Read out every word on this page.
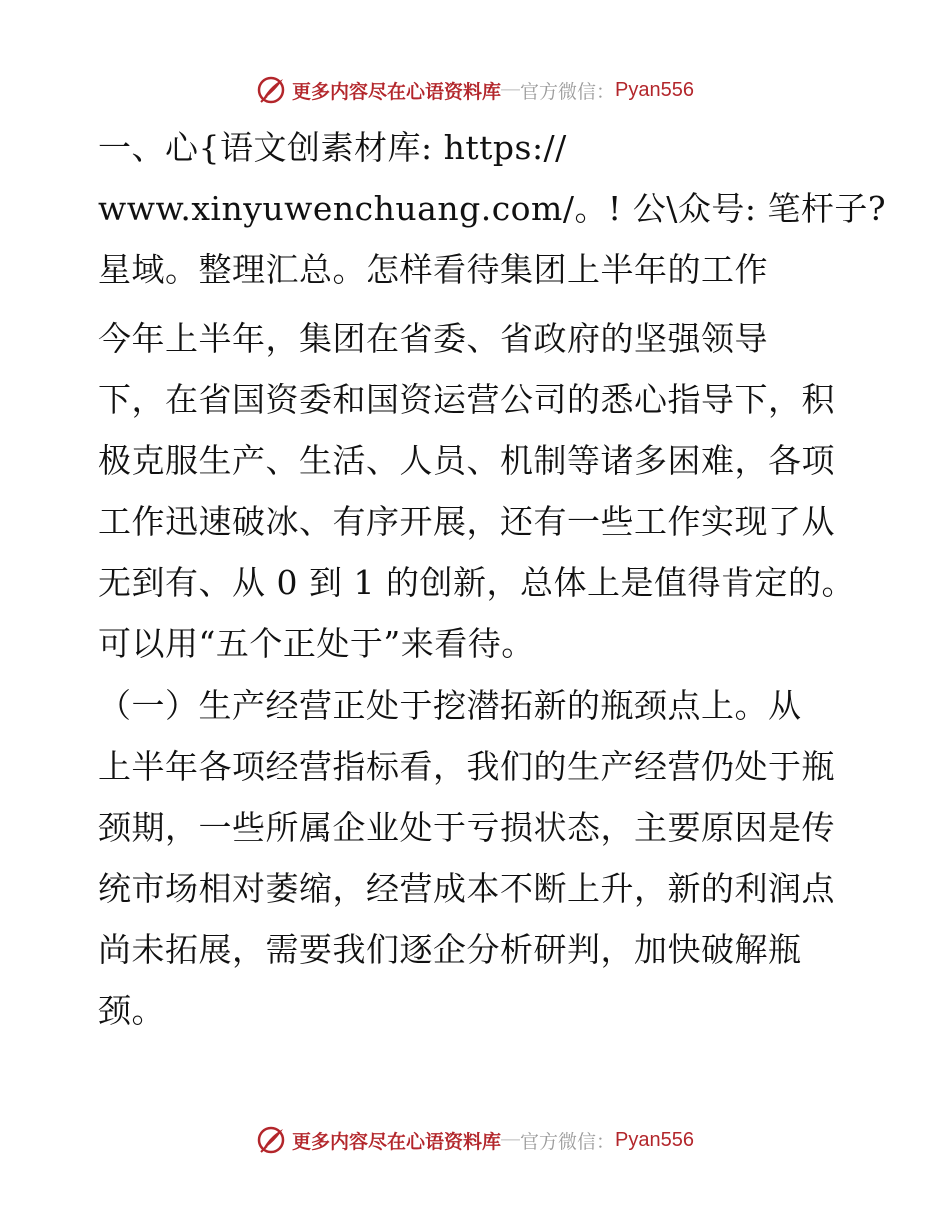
更多内容尽在心语资料库 — 官方微信： Pyan556
一、心{语文创素材库: https://
www.xinyuwenchuang.com/。! 公\众号: 笔杆子?
星域。整理汇总。怎样看待集团上半年的工作
今年上半年，集团在省委、省政府的坚强领导
下，在省国资委和国资运营公司的悉心指导下，积
极克服生产、生活、人员、机制等诸多困难，各项
工作迅速破冰、有序开展，还有一些工作实现了从
无到有、从 0 到 1 的创新，总体上是值得肯定的。
可以用“五个正处于”来看待。
（一）生产经营正处于挖潜拓新的瓶颈点上。从
上半年各项经营指标看，我们的生产经营仍处于瓶
颈期，一些所属企业处于亏损状态，主要原因是传
统市场相对萎缩，经营成本不断上升，新的利润点
尚未拓展，需要我们逐企分析研判，加快破解瓶
颈。
更多内容尽在心语资料库 — 官方微信： Pyan556
